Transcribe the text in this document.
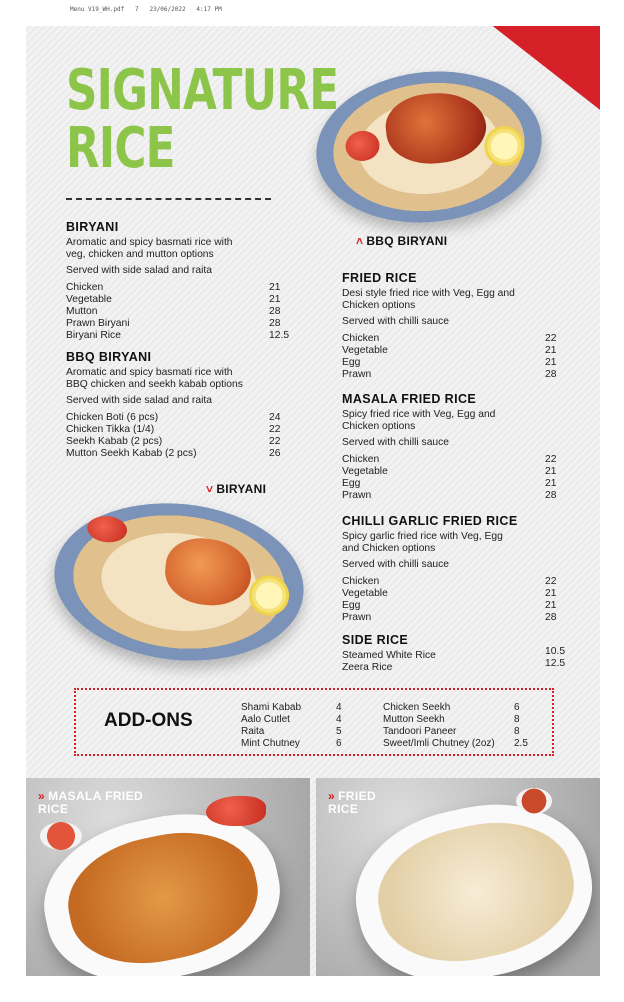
Menu V19_WH.pdf   7   23/06/2022   4:17 PM
SIGNATURE
RICE
BIRYANI
Aromatic and spicy basmati rice with
veg, chicken and mutton options
Served with side salad and raita
Chicken	21
Vegetable	21
Mutton	28
Prawn Biryani	28
Biryani Rice	12.5
BBQ BIRYANI
Aromatic and spicy basmati rice with
BBQ chicken and seekh kabab options
Served with side salad and raita
Chicken Boti (6 pcs)	24
Chicken Tikka (1/4)	22
Seekh Kabab (2 pcs)	22
Mutton Seekh Kabab (2 pcs)	26
˄ BBQ BIRYANI
˅ BIRYANI
FRIED RICE
Desi style fried rice with Veg, Egg and
Chicken options
Served with chilli sauce
Chicken	22
Vegetable	21
Egg	21
Prawn	28
MASALA FRIED RICE
Spicy fried rice with Veg, Egg and
Chicken options
Served with chilli sauce
Chicken	22
Vegetable	21
Egg	21
Prawn	28
CHILLI GARLIC FRIED RICE
Spicy garlic fried rice with Veg, Egg
and Chicken options
Served with chilli sauce
Chicken	22
Vegetable	21
Egg	21
Prawn	28
SIDE RICE
Steamed White Rice	10.5
Zeera Rice	12.5
ADD-ONS
Shami Kabab	4
Aalo Cutlet	4
Raita	5
Mint Chutney	6
Chicken Seekh	6
Mutton Seekh	8
Tandoori Paneer	8
Sweet/Imli Chutney (2oz) 2.5
» MASALA FRIED
RICE
» FRIED
RICE
